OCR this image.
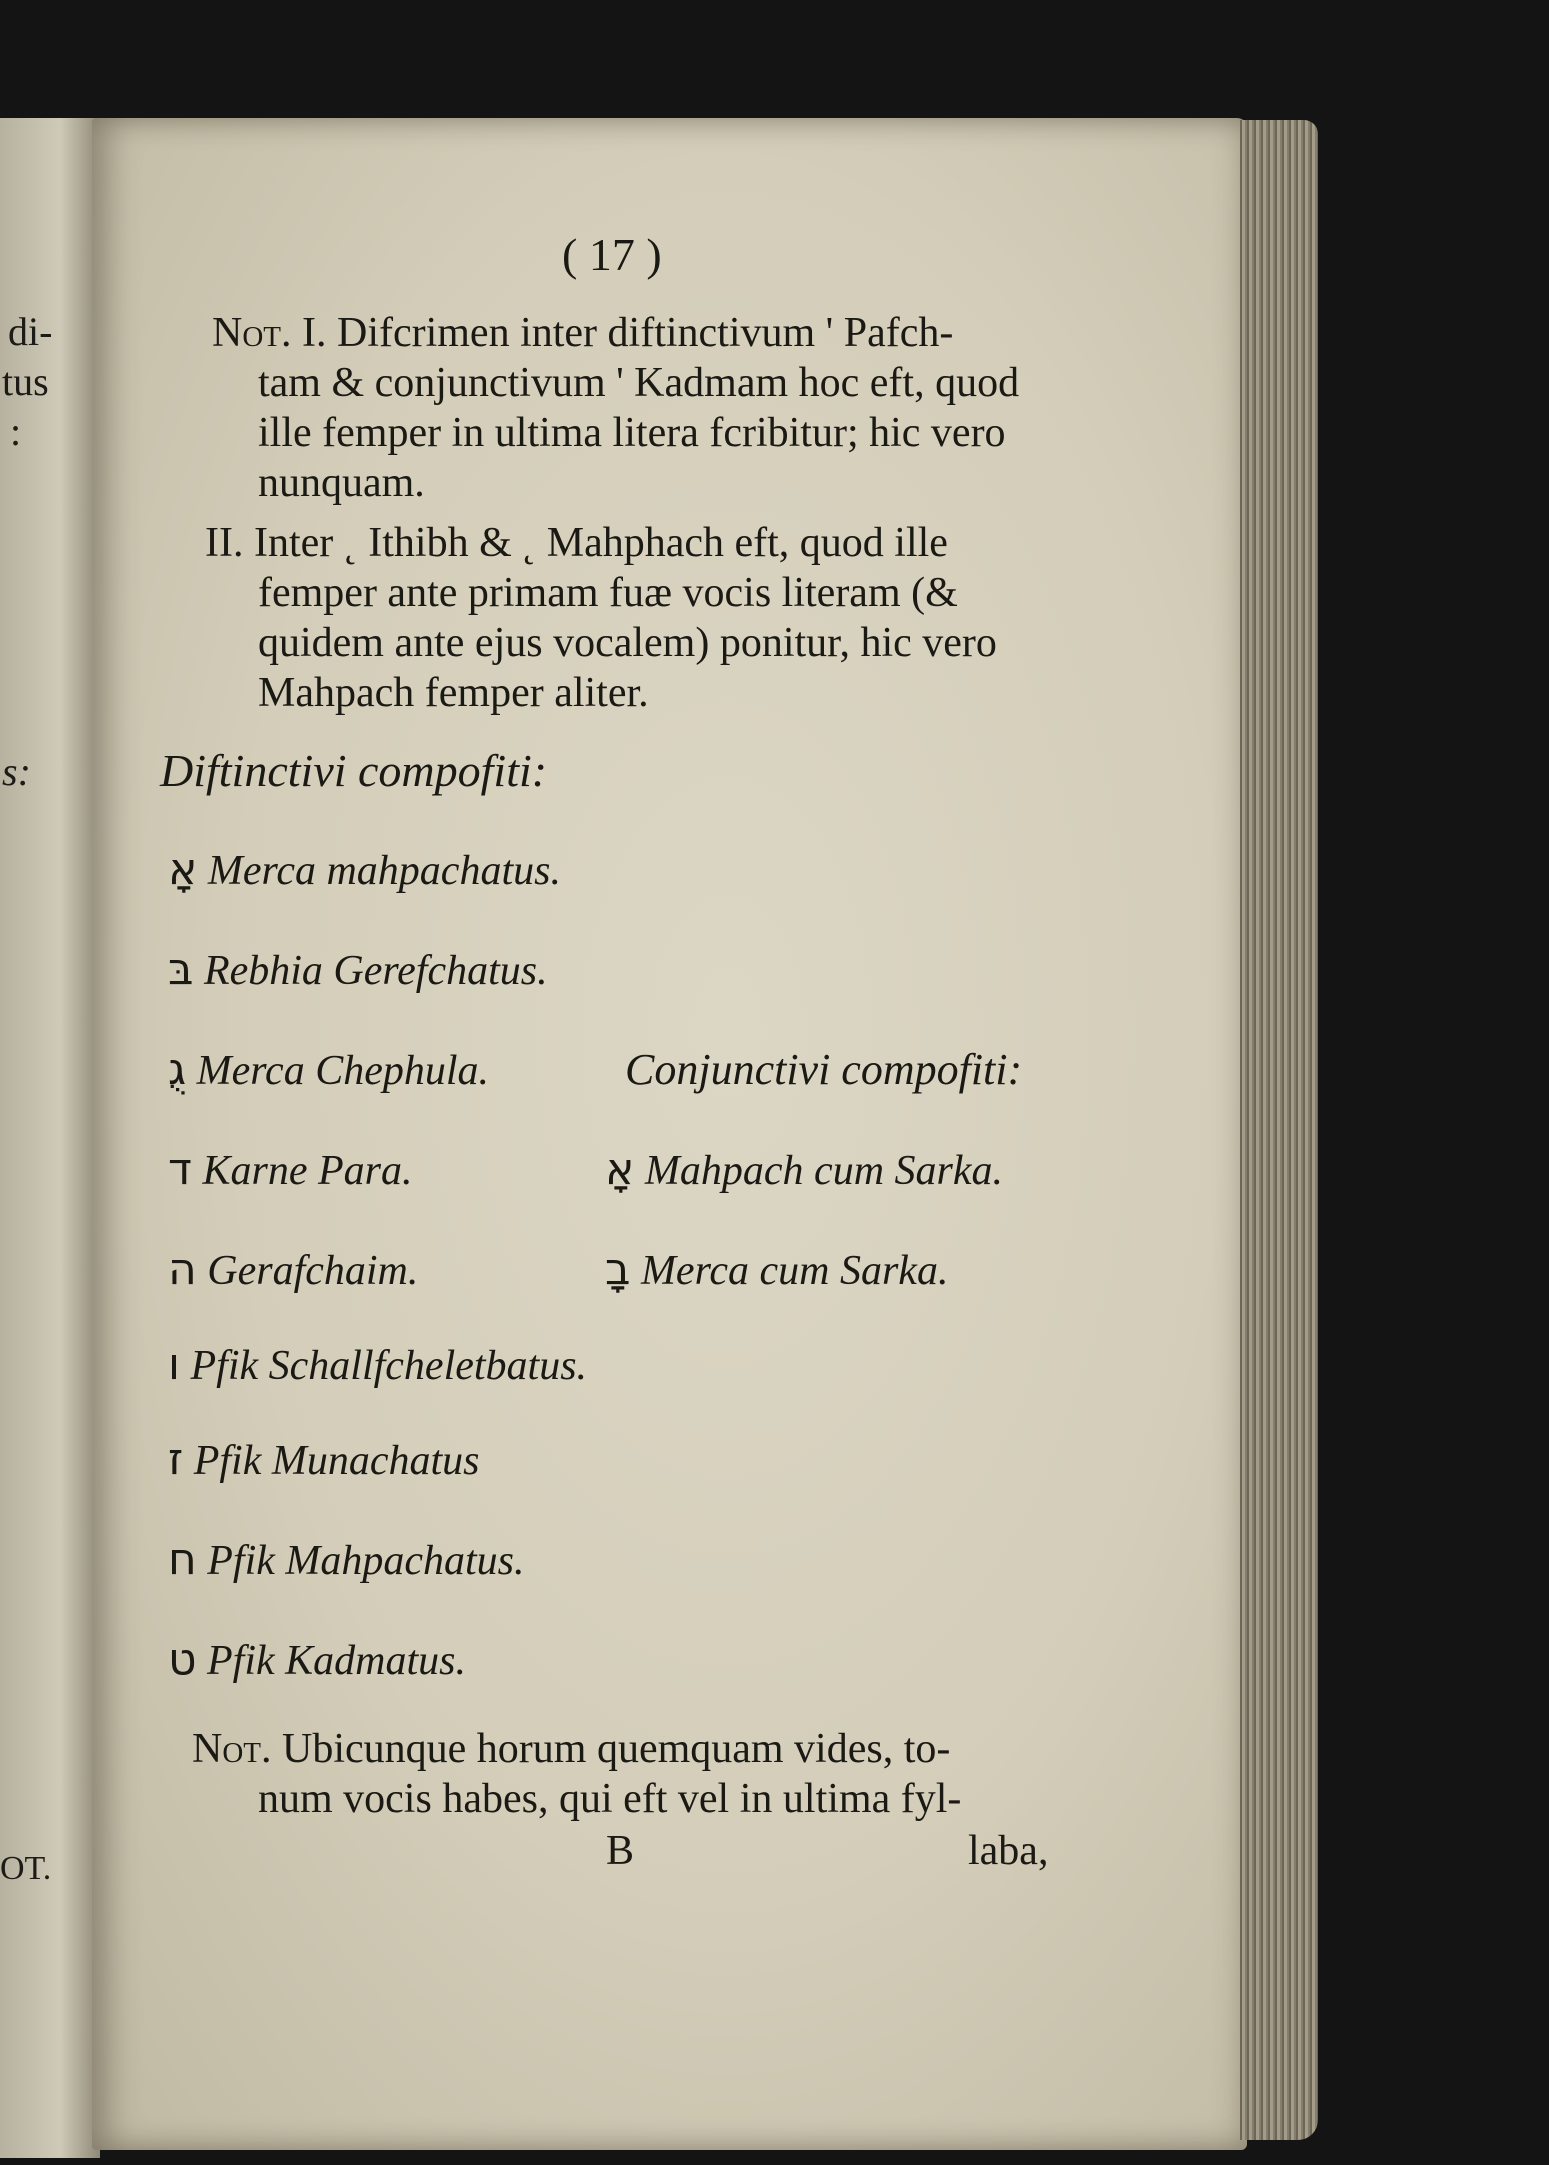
di-
tus
:
s:
OT.
( 17 )
Not. I. Difcrimen inter diftinctivum ' Pafch-
tam & conjunctivum ' Kadmam hoc eft, quod
ille femper in ultima litera fcribitur; hic vero
nunquam.
II. Inter ˛ Ithibh & ˛ Mahphach eft, quod ille
femper ante primam fuæ vocis literam (&
quidem ante ejus vocalem) ponitur, hic vero
Mahpach femper aliter.
Diftinctivi compofiti:
אָ Merca mahpachatus.
בּ Rebhia Gerefchatus.
גֻ Merca Chephula.
ד Karne Para.
ה Gerafchaim.
ו Pfik Schallfcheletbatus.
ז Pfik Munachatus
ח Pfik Mahpachatus.
ט Pfik Kadmatus.
Conjunctivi compofiti:
אָ Mahpach cum Sarka.
בָ Merca cum Sarka.
Not. Ubicunque horum quemquam vides, to-
num vocis habes, qui eft vel in ultima fyl-
B	laba,
